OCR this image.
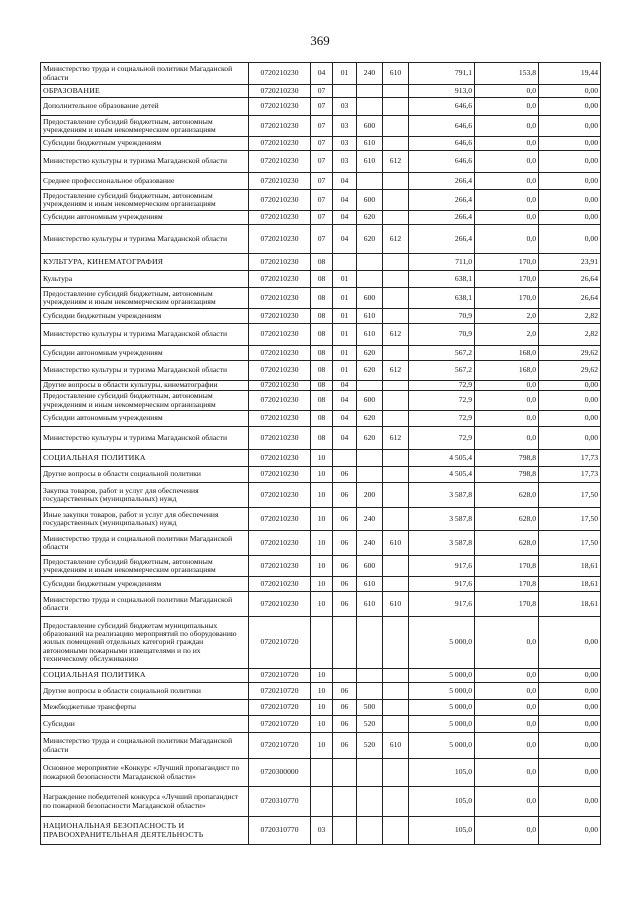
369
Министерство труда и социальной политики Магаданской области	0720210230	04	01	240	610	791,1	153,8	19,44
ОБРАЗОВАНИЕ	0720210230	07				913,0	0,0	0,00
Дополнительное образование детей	0720210230	07	03			646,6	0,0	0,00
Предоставление субсидий бюджетным, автономным учреждениям и иным некоммерческим организациям	0720210230	07	03	600		646,6	0,0	0,00
Субсидии бюджетным учреждениям	0720210230	07	03	610		646,6	0,0	0,00
Министерство культуры и туризма Магаданской области	0720210230	07	03	610	612	646,6	0,0	0,00
Среднее профессиональное образование	0720210230	07	04			266,4	0,0	0,00
Предоставление субсидий бюджетным, автономным учреждениям и иным некоммерческим организациям	0720210230	07	04	600		266,4	0,0	0,00
Субсидии автономным учреждениям	0720210230	07	04	620		266,4	0,0	0,00
Министерство культуры и туризма Магаданской области	0720210230	07	04	620	612	266,4	0,0	0,00
КУЛЬТУРА, КИНЕМАТОГРАФИЯ	0720210230	08				711,0	170,0	23,91
Культура	0720210230	08	01			638,1	170,0	26,64
Предоставление субсидий бюджетным, автономным учреждениям и иным некоммерческим организациям	0720210230	08	01	600		638,1	170,0	26,64
Субсидии бюджетным учреждениям	0720210230	08	01	610		70,9	2,0	2,82
Министерство культуры и туризма Магаданской области	0720210230	08	01	610	612	70,9	2,0	2,82
Субсидии автономным учреждениям	0720210230	08	01	620		567,2	168,0	29,62
Министерство культуры и туризма Магаданской области	0720210230	08	01	620	612	567,2	168,0	29,62
Другие вопросы в области культуры, кинематографии	0720210230	08	04			72,9	0,0	0,00
Предоставление субсидий бюджетным, автономным учреждениям и иным некоммерческим организациям	0720210230	08	04	600		72,9	0,0	0,00
Субсидии автономным учреждениям	0720210230	08	04	620		72,9	0,0	0,00
Министерство культуры и туризма Магаданской области	0720210230	08	04	620	612	72,9	0,0	0,00
СОЦИАЛЬНАЯ ПОЛИТИКА	0720210230	10				4 505,4	798,8	17,73
Другие вопросы в области социальной политики	0720210230	10	06			4 505,4	798,8	17,73
Закупка товаров, работ и услуг для обеспечения государственных (муниципальных) нужд	0720210230	10	06	200		3 587,8	628,0	17,50
Иные закупки товаров, работ и услуг для обеспечения государственных (муниципальных) нужд	0720210230	10	06	240		3 587,8	628,0	17,50
Министерство труда и социальной политики Магаданской области	0720210230	10	06	240	610	3 587,8	628,0	17,50
Предоставление субсидий бюджетным, автономным учреждениям и иным некоммерческим организациям	0720210230	10	06	600		917,6	170,8	18,61
Субсидии бюджетным учреждениям	0720210230	10	06	610		917,6	170,8	18,61
Министерство труда и социальной политики Магаданской области	0720210230	10	06	610	610	917,6	170,8	18,61
Предоставление субсидий бюджетам муниципальных образований на реализацию мероприятий по оборудованию жилых помещений отдельных категорий граждан автономными пожарными извещателями и по их техническому обслуживанию	0720210720					5 000,0	0,0	0,00
СОЦИАЛЬНАЯ ПОЛИТИКА	0720210720	10				5 000,0	0,0	0,00
Другие вопросы в области социальной политики	0720210720	10	06			5 000,0	0,0	0,00
Межбюджетные трансферты	0720210720	10	06	500		5 000,0	0,0	0,00
Субсидии	0720210720	10	06	520		5 000,0	0,0	0,00
Министерство труда и социальной политики Магаданской области	0720210720	10	06	520	610	5 000,0	0,0	0,00
Основное мероприятие «Конкурс «Лучший пропагандист по пожарной безопасности Магаданской области»	0720300000					105,0	0,0	0,00
Награждение победителей конкурса «Лучший пропагандист по пожарной безопасности Магаданской области»	0720310770					105,0	0,0	0,00
НАЦИОНАЛЬНАЯ БЕЗОПАСНОСТЬ И ПРАВООХРАНИТЕЛЬНАЯ ДЕЯТЕЛЬНОСТЬ	0720310770	03				105,0	0,0	0,00
